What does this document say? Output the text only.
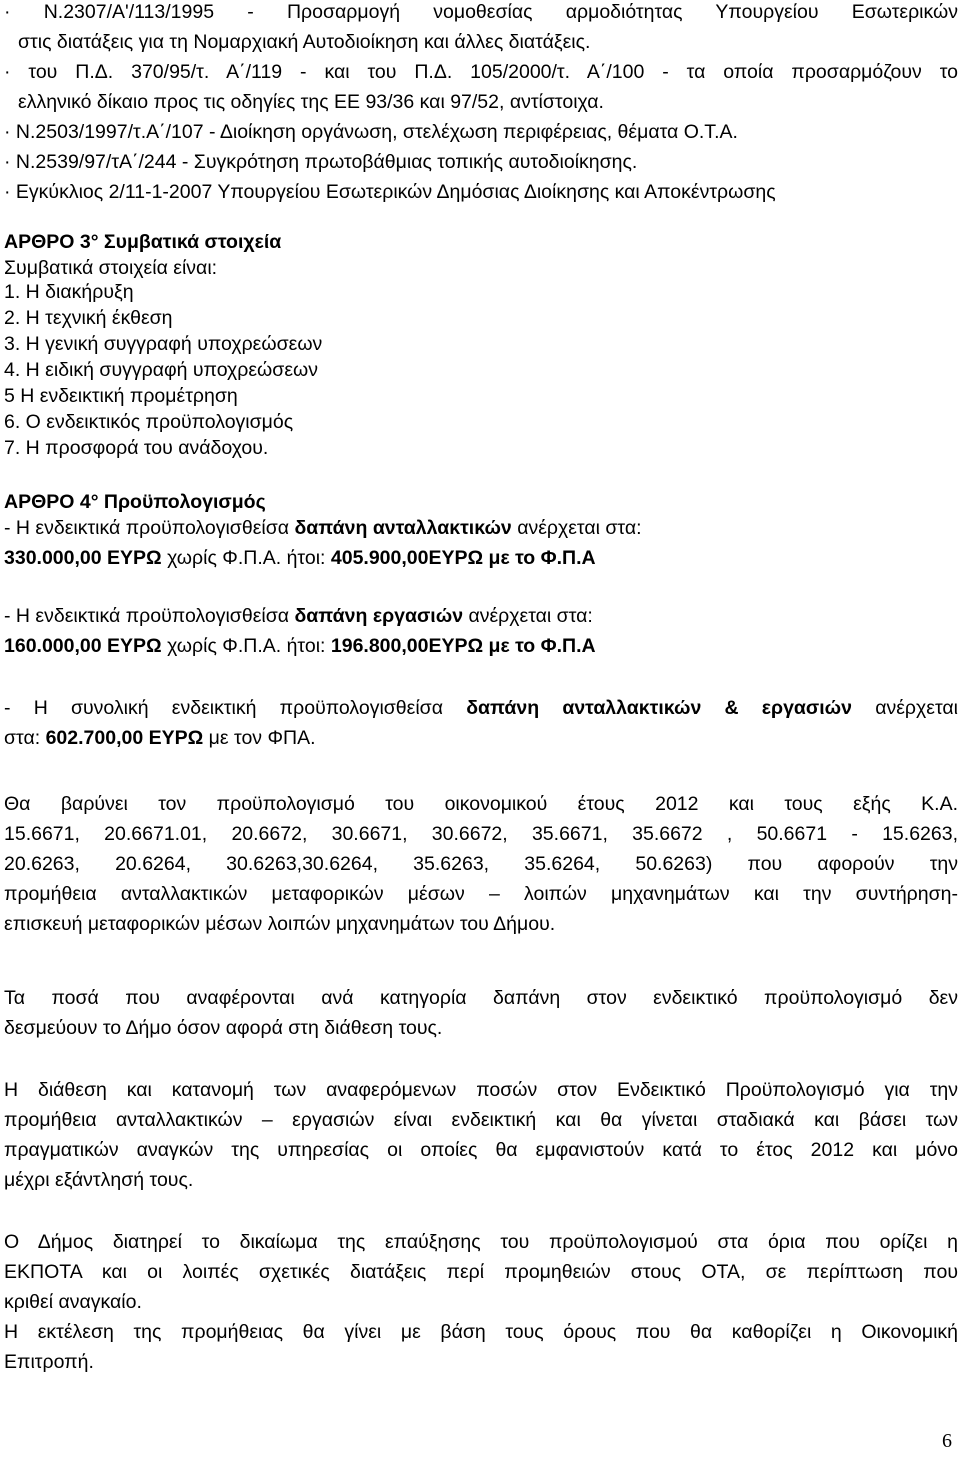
· Ν.2307/Α'/113/1995 - Προσαρμογή νομοθεσίας αρμοδιότητας Υπουργείου Εσωτερικών
στις διατάξεις για τη Νομαρχιακή Αυτοδιοίκηση και άλλες διατάξεις.
· του Π.Δ. 370/95/τ. Α΄/119 - και του Π.Δ. 105/2000/τ. Α΄/100 - τα οποία προσαρμόζουν το
ελληνικό δίκαιο προς τις οδηγίες της ΕΕ 93/36 και 97/52, αντίστοιχα.
· Ν.2503/1997/τ.Α΄/107 - Διοίκηση οργάνωση, στελέχωση περιφέρειας, θέματα Ο.Τ.Α.
· Ν.2539/97/τΑ΄/244 - Συγκρότηση πρωτοβάθμιας τοπικής αυτοδιοίκησης.
· Εγκύκλιος 2/11-1-2007 Υπουργείου Εσωτερικών Δημόσιας Διοίκησης και Αποκέντρωσης
ΑΡΘΡΟ 3° Συμβατικά στοιχεία
Συμβατικά στοιχεία είναι:
1. Η διακήρυξη
2. Η τεχνική έκθεση
3. Η γενική συγγραφή υποχρεώσεων
4. Η ειδική συγγραφή υποχρεώσεων
5 Η ενδεικτική προμέτρηση
6. Ο ενδεικτικός προϋπολογισμός
7. Η προσφορά του ανάδοχου.
ΑΡΘΡΟ 4° Προϋπολογισμός
- Η ενδεικτικά προϋπολογισθείσα δαπάνη ανταλλακτικών ανέρχεται στα:
330.000,00 ΕΥΡΩ χωρίς Φ.Π.Α. ήτοι: 405.900,00ΕΥΡΩ με το Φ.Π.Α
- Η ενδεικτικά προϋπολογισθείσα δαπάνη εργασιών ανέρχεται στα:
160.000,00 ΕΥΡΩ χωρίς Φ.Π.Α. ήτοι: 196.800,00ΕΥΡΩ με το Φ.Π.Α
- Η συνολική ενδεικτική προϋπολογισθείσα δαπάνη ανταλλακτικών & εργασιών ανέρχεται
στα: 602.700,00 ΕΥΡΩ με τον ΦΠΑ.
Θα βαρύνει τον προϋπολογισμό του οικονομικού έτους 2012 και τους εξής Κ.Α.
15.6671, 20.6671.01, 20.6672, 30.6671, 30.6672, 35.6671, 35.6672 , 50.6671 - 15.6263,
20.6263, 20.6264, 30.6263,30.6264, 35.6263, 35.6264, 50.6263) που αφορούν την
προμήθεια ανταλλακτικών μεταφορικών μέσων – λοιπών μηχανημάτων και την συντήρηση-
επισκευή μεταφορικών μέσων λοιπών μηχανημάτων του Δήμου.
Τα ποσά που αναφέρονται ανά κατηγορία δαπάνη στον ενδεικτικό προϋπολογισμό δεν
δεσμεύουν το Δήμο όσον αφορά στη διάθεση τους.
Η διάθεση και κατανομή των αναφερόμενων ποσών στον Ενδεικτικό Προϋπολογισμό για την
προμήθεια ανταλλακτικών – εργασιών είναι ενδεικτική και θα γίνεται σταδιακά και βάσει των
πραγματικών αναγκών της υπηρεσίας οι οποίες θα εμφανιστούν κατά το έτος 2012 και μόνο
μέχρι εξάντλησή τους.
Ο Δήμος διατηρεί το δικαίωμα της επαύξησης του προϋπολογισμού στα όρια που ορίζει η
ΕΚΠΟΤΑ και οι λοιπές σχετικές διατάξεις περί προμηθειών στους ΟΤΑ, σε περίπτωση που
κριθεί αναγκαίο.
Η εκτέλεση της προμήθειας θα γίνει με βάση τους όρους που θα καθορίζει η Οικονομική
Επιτροπή.
6
